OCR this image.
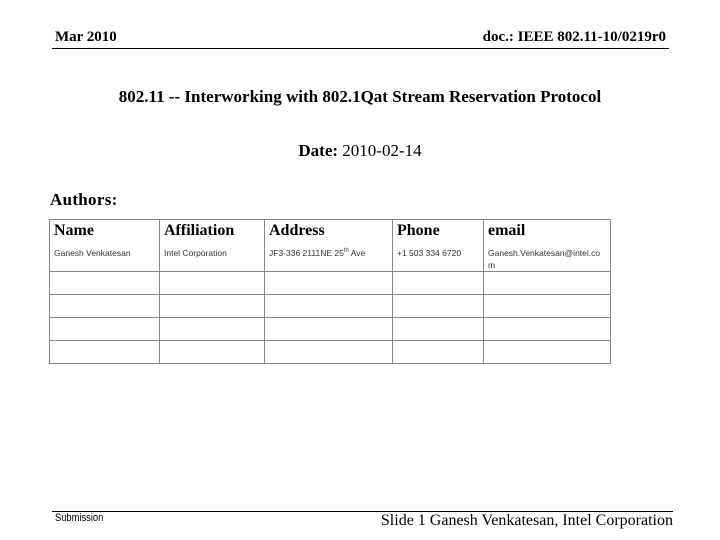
Mar 2010	doc.: IEEE 802.11-10/0219r0
802.11 -- Interworking with 802.1Qat Stream Reservation Protocol
Date: 2010-02-14
Authors:
Name	Affiliation	Address	Phone	email
Ganesh Venkatesan	Intel Corporation	JF3-336 2111NE 25th Ave	+1 503 334 6720	Ganesh.Venkatesan@intel.com

Submission	Slide 1 Ganesh Venkatesan, Intel Corporation
